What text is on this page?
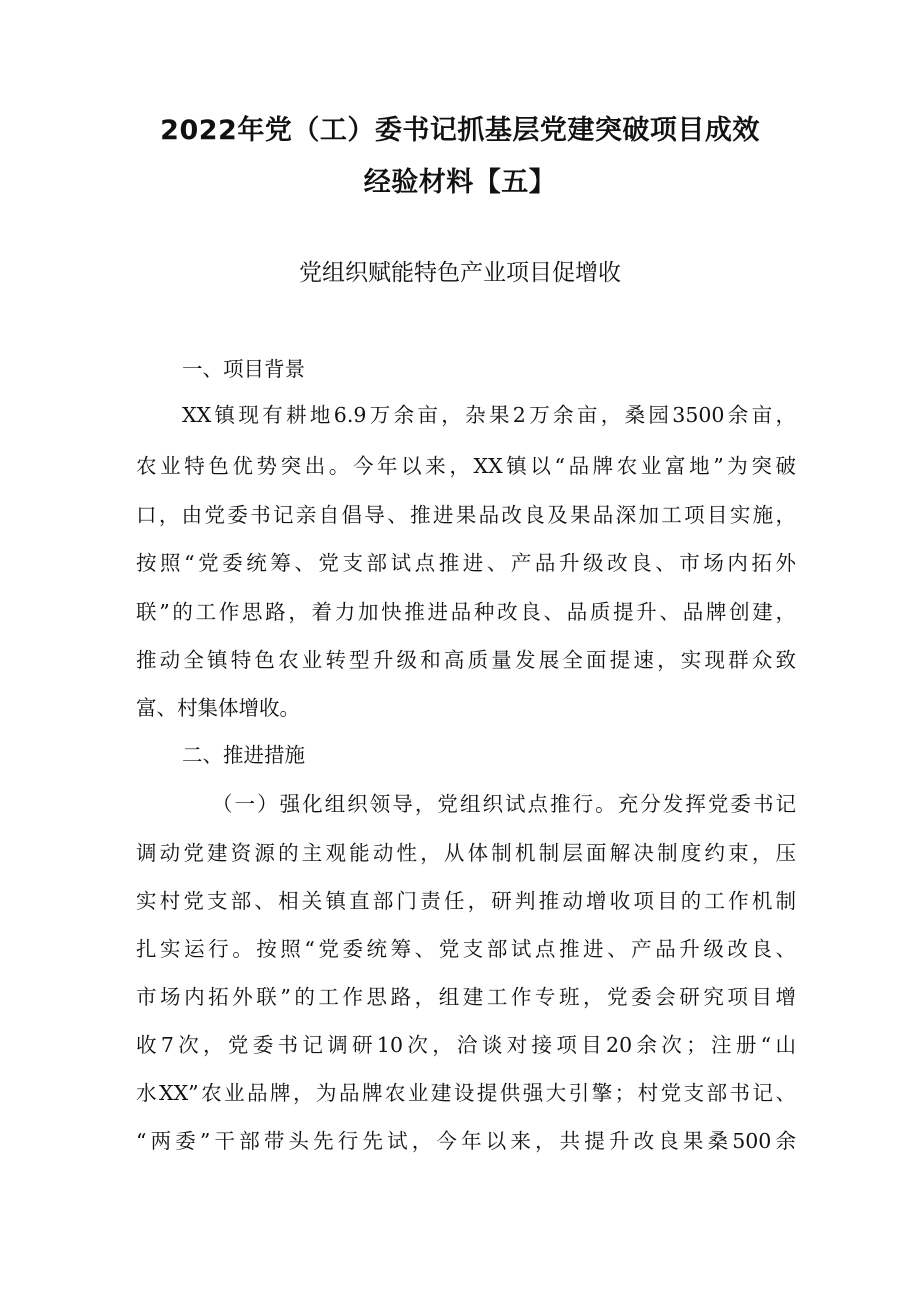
2022年党（工）委书记抓基层党建突破项目成效
经验材料【五】
党组织赋能特色产业项目促增收
一、项目背景
XX镇现有耕地6.9万余亩，杂果2万余亩，桑园3500余亩，
农业特色优势突出。今年以来，XX镇以“品牌农业富地”为突破
口，由党委书记亲自倡导、推进果品改良及果品深加工项目实施，
按照“党委统筹、党支部试点推进、产品升级改良、市场内拓外
联”的工作思路，着力加快推进品种改良、品质提升、品牌创建，
推动全镇特色农业转型升级和高质量发展全面提速，实现群众致
富、村集体增收。
二、推进措施
（一）强化组织领导，党组织试点推行。充分发挥党委书记
调动党建资源的主观能动性，从体制机制层面解决制度约束，压
实村党支部、相关镇直部门责任，研判推动增收项目的工作机制
扎实运行。按照“党委统筹、党支部试点推进、产品升级改良、
市场内拓外联”的工作思路，组建工作专班，党委会研究项目增
收7次，党委书记调研10次，洽谈对接项目20余次；注册“山
水XX”农业品牌，为品牌农业建设提供强大引擎；村党支部书记、
“两委”干部带头先行先试，今年以来，共提升改良果桑500余
